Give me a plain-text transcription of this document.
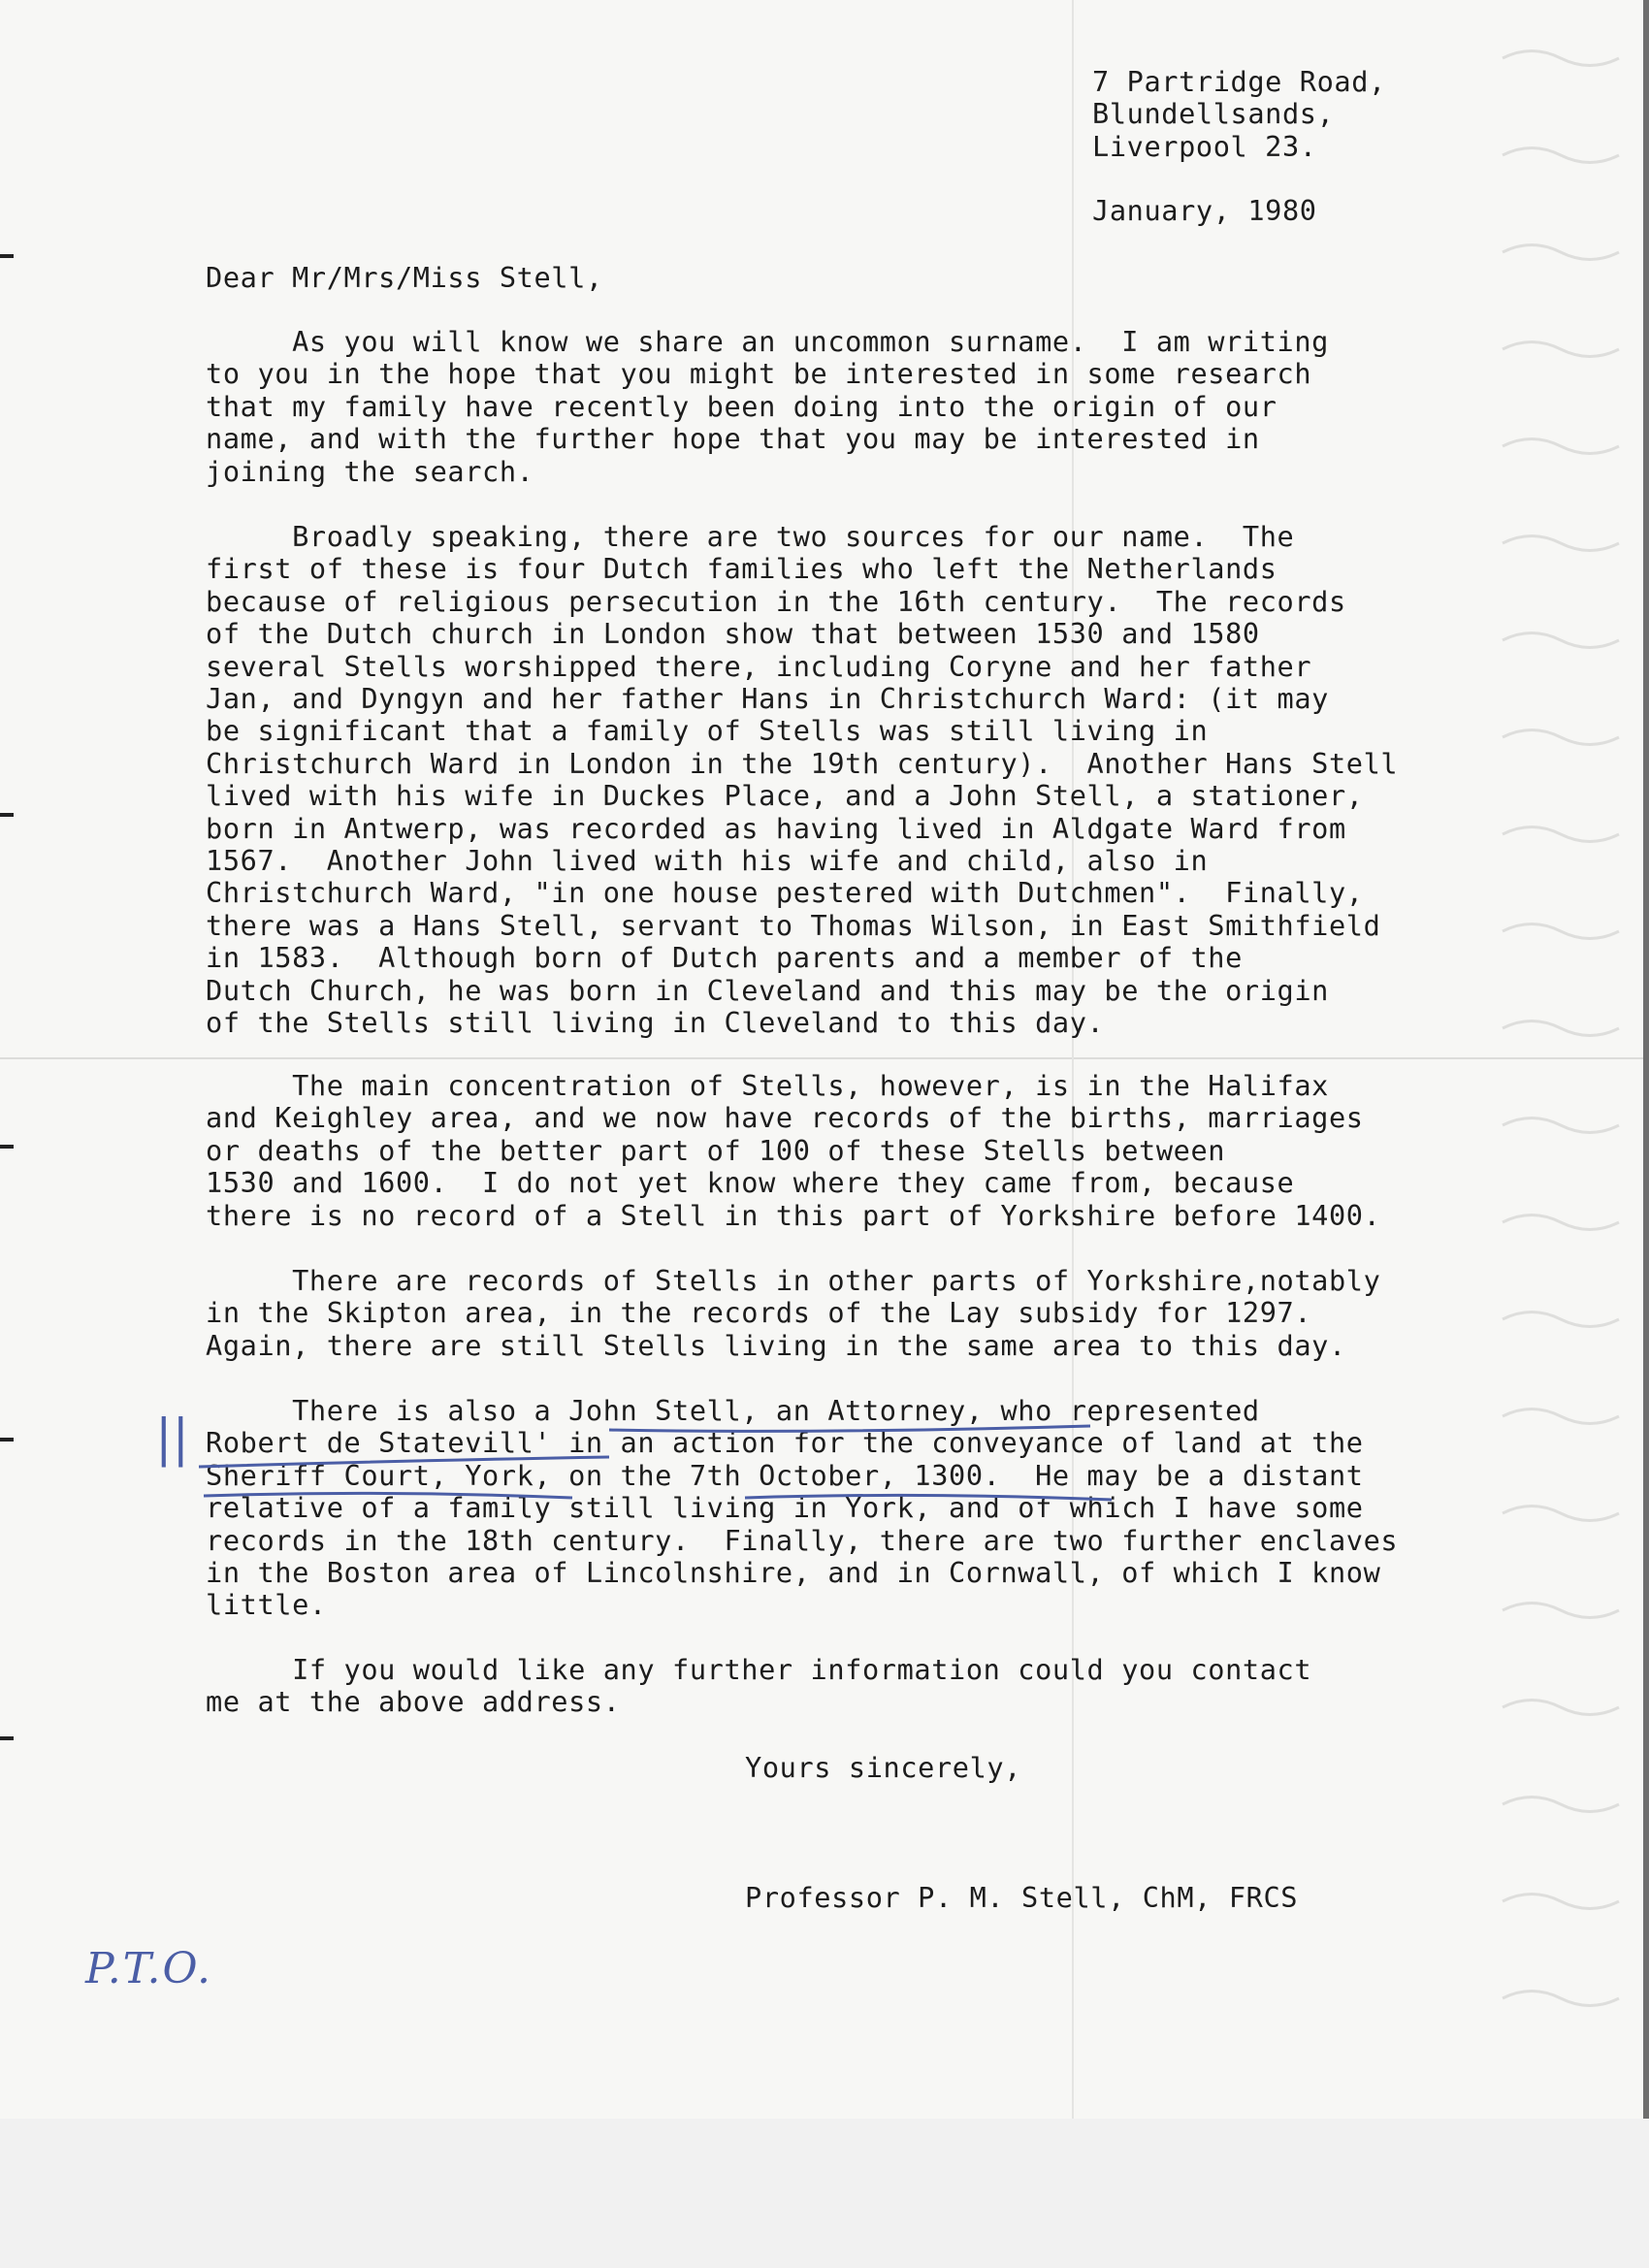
7 Partridge Road,
Blundellsands,
Liverpool 23.
January, 1980
Dear Mr/Mrs/Miss Stell,
As you will know we share an uncommon surname.  I am writing
to you in the hope that you might be interested in some research
that my family have recently been doing into the origin of our
name, and with the further hope that you may be interested in
joining the search.
Broadly speaking, there are two sources for our name.  The
first of these is four Dutch families who left the Netherlands
because of religious persecution in the 16th century.  The records
of the Dutch church in London show that between 1530 and 1580
several Stells worshipped there, including Coryne and her father
Jan, and Dyngyn and her father Hans in Christchurch Ward: (it may
be significant that a family of Stells was still living in
Christchurch Ward in London in the 19th century).  Another Hans Stell
lived with his wife in Duckes Place, and a John Stell, a stationer,
born in Antwerp, was recorded as having lived in Aldgate Ward from
1567.  Another John lived with his wife and child, also in
Christchurch Ward, "in one house pestered with Dutchmen".  Finally,
there was a Hans Stell, servant to Thomas Wilson, in East Smithfield
in 1583.  Although born of Dutch parents and a member of the
Dutch Church, he was born in Cleveland and this may be the origin
of the Stells still living in Cleveland to this day.
The main concentration of Stells, however, is in the Halifax
and Keighley area, and we now have records of the births, marriages
or deaths of the better part of 100 of these Stells between
1530 and 1600.  I do not yet know where they came from, because
there is no record of a Stell in this part of Yorkshire before 1400.
There are records of Stells in other parts of Yorkshire,notably
in the Skipton area, in the records of the Lay subsidy for 1297.
Again, there are still Stells living in the same area to this day.
There is also a John Stell, an Attorney, who represented
Robert de Statevill' in an action for the conveyance of land at the
Sheriff Court, York, on the 7th October, 1300.  He may be a distant
relative of a family still living in York, and of which I have some
records in the 18th century.  Finally, there are two further enclaves
in the Boston area of Lincolnshire, and in Cornwall, of which I know
little.
If you would like any further information could you contact
me at the above address.
Yours sincerely,
Professor P. M. Stell, ChM, FRCS
||
P.T.O.
